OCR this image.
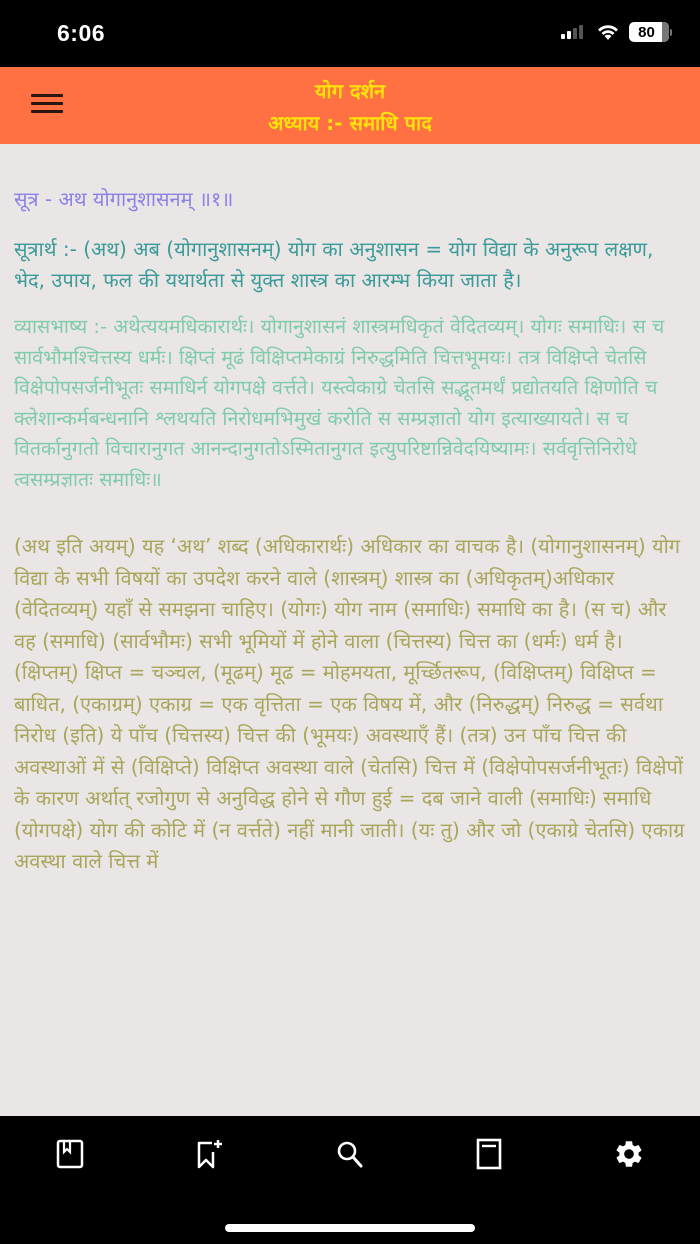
6:06	80
योग दर्शन
अध्याय :- समाधि पाद

सूत्र - अथ योगानुशासनम् ॥१॥

सूत्रार्थ :- (अथ) अब (योगानुशासनम्) योग का अनुशासन = योग विद्या के अनुरूप लक्षण, भेद, उपाय, फल की यथार्थता से युक्त शास्त्र का आरम्भ किया जाता है।

व्यासभाष्य :- अथेत्ययमधिकारार्थः। योगानुशासनं शास्त्रमधिकृतं वेदितव्यम्। योगः समाधिः। स च सार्वभौमश्चित्तस्य धर्मः। क्षिप्तं मूढं विक्षिप्तमेकाग्रं निरुद्धमिति चित्तभूमयः। तत्र विक्षिप्ते चेतसि विक्षेपोपसर्जनीभूतः समाधिर्न योगपक्षे वर्त्तते। यस्त्वेकाग्रे चेतसि सद्भूतमर्थं प्रद्योतयति क्षिणोति च क्लेशान्कर्मबन्धनानि श्लथयति निरोधमभिमुखं करोति स सम्प्रज्ञातो योग इत्याख्यायते। स च वितर्कानुगतो विचारानुगत आनन्दानुगतोऽस्मितानुगत इत्युपरिष्टान्निवेदयिष्यामः। सर्ववृत्तिनिरोधे त्वसम्प्रज्ञातः समाधिः॥

(अथ इति अयम्) यह ‘अथ’ शब्द (अधिकारार्थः) अधिकार का वाचक है। (योगानुशासनम्) योग विद्या के सभी विषयों का उपदेश करने वाले (शास्त्रम्) शास्त्र का (अधिकृतम्)अधिकार (वेदितव्यम्) यहाँ से समझना चाहिए। (योगः) योग नाम (समाधिः) समाधि का है। (स च) और वह (समाधि) (सार्वभौमः) सभी भूमियों में होने वाला (चित्तस्य) चित्त का (धर्मः) धर्म है। (क्षिप्तम्) क्षिप्त = चञ्चल, (मूढम्) मूढ = मोहमयता, मूर्च्छितरूप, (विक्षिप्तम्) विक्षिप्त = बाधित, (एकाग्रम्) एकाग्र = एक वृत्तिता = एक विषय में, और (निरुद्धम्) निरुद्ध = सर्वथा निरोध (इति) ये पाँच (चित्तस्य) चित्त की (भूमयः) अवस्थाएँ हैं। (तत्र) उन पाँच चित्त की अवस्थाओं में से (विक्षिप्ते) विक्षिप्त अवस्था वाले (चेतसि) चित्त में (विक्षेपोपसर्जनीभूतः) विक्षेपों के कारण अर्थात् रजोगुण से अनुविद्ध होने से गौण हुई = दब जाने वाली (समाधिः) समाधि (योगपक्षे) योग की कोटि में (न वर्त्तते) नहीं मानी जाती। (यः तु) और जो (एकाग्रे चेतसि) एकाग्र अवस्था वाले चित्त में
